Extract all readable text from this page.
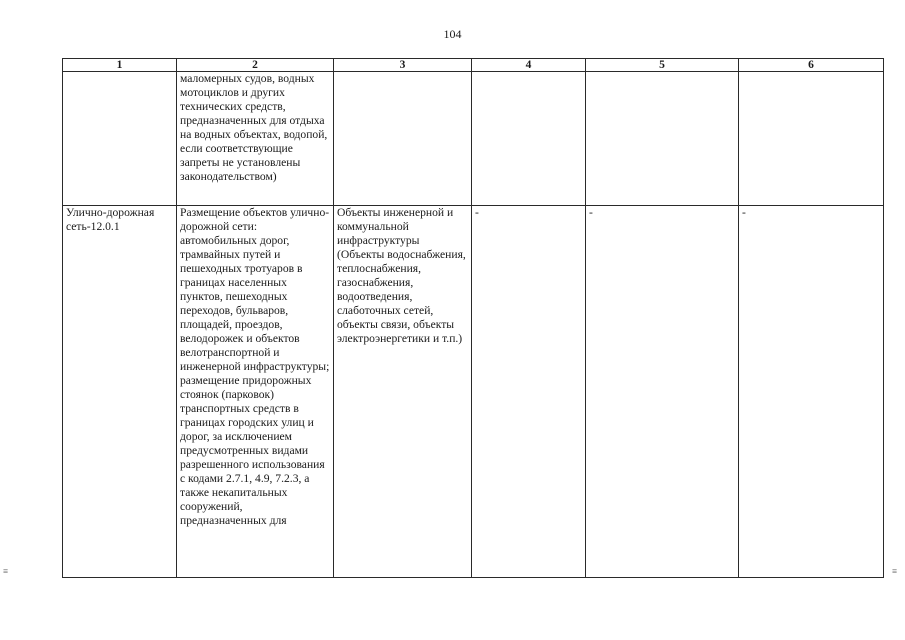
104
1	2	3	4	5	6

	маломерных судов, водных мотоциклов и других технических средств, предназначенных для отдыха на водных объектах, водопой, если соответствующие запреты не установлены законодательством)				

Улично-дорожная сеть-12.0.1	Размещение объектов улично-дорожной сети: автомобильных дорог, трамвайных путей и пешеходных тротуаров в границах населенных пунктов, пешеходных переходов, бульваров, площадей, проездов, велодорожек и объектов велотранспортной и инженерной инфраструктуры; размещение придорожных стоянок (парковок) транспортных средств в границах городских улиц и дорог, за исключением предусмотренных видами разрешенного использования с кодами 2.7.1, 4.9, 7.2.3, а также некапитальных сооружений, предназначенных для	Объекты инженерной и коммунальной инфраструктуры (Объекты водоснабжения, теплоснабжения, газоснабжения, водоотведения, слаботочных сетей, объекты связи, объекты электроэнергетики и т.п.)	-	-	-
≡	≡
